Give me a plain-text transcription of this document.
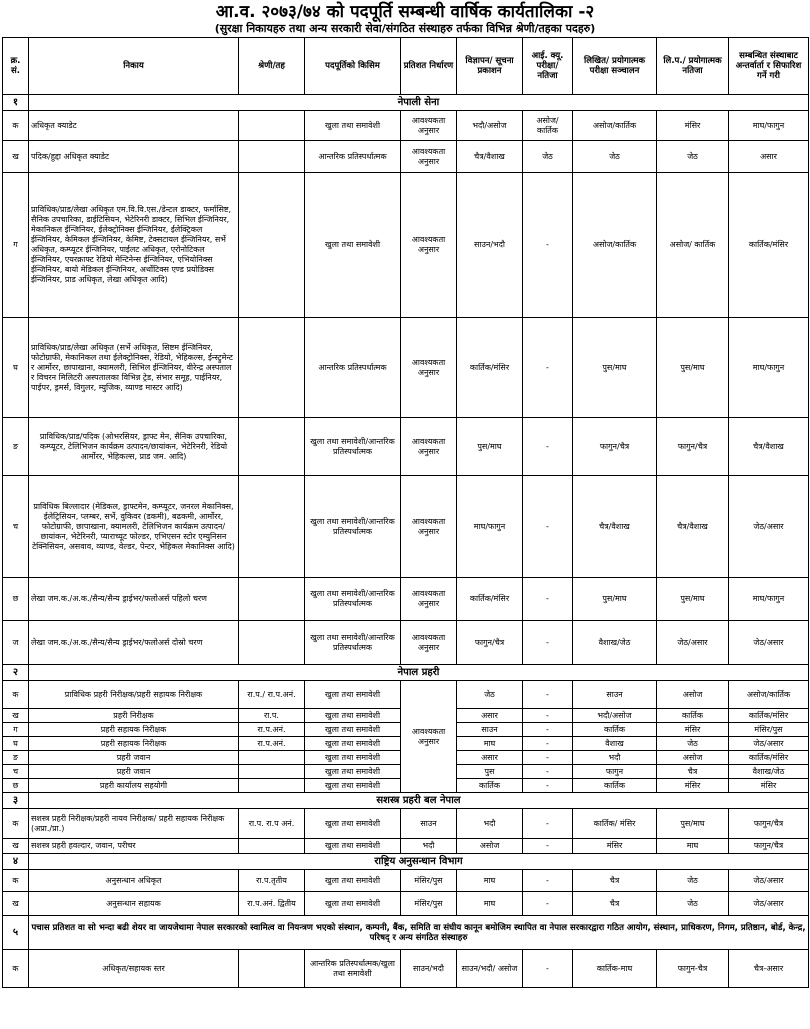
आ.व. २०७३/७४ को पदपूर्ति सम्बन्धी वार्षिक कार्यतालिका -२
(सुरक्षा निकायहरु तथा अन्य सरकारी सेवा/संगठित संस्थाहरु तर्फका विभिन्न श्रेणी/तहका पदहरु)
क्र. सं.	निकाय	श्रेणी/तह	पदपूर्तिको किसिम	प्रतिशत निर्धारण	विज्ञापन/ सूचना प्रकाशन	आई. क्यू. परीक्षा/ नतिजा	लिखित/ प्रयोगात्मक परीक्षा सञ्चालन	लि.प./ प्रयोगात्मक नतिजा	सम्बन्धित संस्थाबाट अन्तर्वार्ता र सिफारिश गर्ने गरी
१	नेपाली सेना								
क	अधिकृत क्याडेट		खुला तथा समावेशी	आवश्यकता अनुसार	भदौ/असोज	असोज/ कार्तिक	असोज/कार्तिक	मंसिर	माघ/फागुन
ख	पदिक/हुद्दा अधिकृत क्याडेट		आन्तरिक प्रतिस्पर्धात्मक	आवश्यकता अनुसार	चैत्र/वैशाख	जेठ	जेठ	जेठ	असार
ग	प्राविधिक/प्राड/लेखा अधिकृत एम.वि.वि.एस./डेन्टल डाक्टर, फर्मासिष्ट, सैनिक उपचारिका, डाईटिसियन, भेटेरिनरी डाक्टर, सिभिल ईन्जिनियर, मेकानिकल ईन्जिनियर, ईलेक्ट्रोनिक्स ईन्जिनियर, ईलेक्ट्रिकल ईन्जिनियर, केमिकल ईन्जिनियर, केमिष्ट, टेक्सटायल ईन्जिनियर, सर्भे अधिकृत, कम्प्यूटर ईन्जिनियर, पाईलट अधिकृत, एरोनोटिकल ईन्जिनियर, एयरक्राफ्ट रेडियो मेन्टिनेन्स ईन्जिनियर, एभियोनिक्स ईन्जिनियर, बायो मेडिकल ईन्जिनियर, अर्थोटिक्स एण्ड प्रयोडिक्स ईन्जिनियर, प्राड अधिकृत, लेखा अधिकृत आदि)		खुला तथा समावेशी	आवश्यकता अनुसार	साउन/भदौ	-	असोज/कार्तिक	असोज/ कार्तिक	कार्तिक/मंसिर
घ	प्राविधिक/प्राड/लेखा अधिकृत (सर्भे अधिकृत, सिष्टम ईन्जिनियर, फोटोग्राफी, मेकानिकल तथा ईलेक्ट्रोनिक्स, रेडियो, भेहिकल्स, ईन्स्ट्रुमेन्ट र आर्मोरर, छापाखाना, क्यामलरी, सिभिल ईन्जिनियर, वीरेन्द्र अस्पताल र विचरन मिलिटरी अस्पतालका विभिन्न ट्रेड, संभार समूह, पाईनियर, पाईपर, ड्रमर्स, विगुलर, म्युजिक, व्याण्ड मास्टर आदि)		आन्तरिक प्रतिस्पर्धात्मक	आवश्यकता अनुसार	कार्तिक/मंसिर	-	पुस/माघ	पुस/माघ	माघ/फागुन
ङ	प्राविधिक/प्राड/पदिक (ओभरसियर, ड्राफ्ट मेन, सैनिक उपचारिका, कम्प्यूटर, टेलिभिजन कार्यक्रम उत्पादन/छायांकन, भेटेरिनरी, रेडियो आर्मोरर, भेहिकल्स, प्राड जम. आदि)		खुला तथा समावेशी/आन्तरिक प्रतिस्पर्धात्मक	आवश्यकता अनुसार	पुस/माघ	-	फागुन/चैत्र	फागुन/चैत्र	चैत्र/वैशाख
च	प्राविधिक बिल्लादार (मेडिकल, ड्राफ्टमेन, कम्प्यूटर, जनरल मेकानिक्स, ईलेट्रिसियन, प्लम्बर, सर्भे, वुकिवर (डकमी), बढकमी, आर्मोरर, फोटोग्राफी, छापाखाना, क्यामलरी, टेलिभिजन कार्यक्रम उत्पादन/छायांकन, भेटेरिनरी, प्याराच्यूट फोल्डर, एभिएसन स्टोर एम्युनिसन टेक्निसियन, असवाव, व्याण्ड, वेल्डर, पेन्टर, भेहिकल मेकानिक्स आदि)		खुला तथा समावेशी/आन्तरिक प्रतिस्पर्धात्मक	आवश्यकता अनुसार	माघ/फागुन	-	चैत्र/वैशाख	चैत्र/वैशाख	जेठ/असार
छ	लेखा जम.क./अ.क./सैन्य/सैन्य ड्राईभर/फलोअर्स पहिलो चरण		खुला तथा समावेशी/आन्तरिक प्रतिस्पर्धात्मक	आवश्यकता अनुसार	कार्तिक/मंसिर	-	पुस/माघ	पुस/माघ	माघ/फागुन
ज	लेखा जम.क./अ.क./सैन्य/सैन्य ड्राईभर/फलोअर्स दोस्रो चरण		खुला तथा समावेशी/आन्तरिक प्रतिस्पर्धात्मक	आवश्यकता अनुसार	फागुन/चैत्र	-	वैशाख/जेठ	जेठ/असार	जेठ/असार
२	नेपाल प्रहरी								
क	प्राविधिक प्रहरी निरीक्षक/प्रहरी सहायक निरीक्षक	रा.प./ रा.प.अनं.	खुला तथा समावेशी	आवश्यकता अनुसार	जेठ	-	साउन	असोज	असोज/कार्तिक
ख	प्रहरी निरीक्षक	रा.प.	खुला तथा समावेशी		असार	-	भदौ/असोज	कार्तिक	कार्तिक/मंसिर
ग	प्रहरी सहायक निरीक्षक	रा.प.अनं.	खुला तथा समावेशी		साउन	-	कार्तिक	मंसिर	मंसिर/पुस
घ	प्रहरी सहायक निरीक्षक	रा.प.अनं.	खुला तथा समावेशी		माघ	-	वैशाख	जेठ	जेठ/असार
ङ	प्रहरी जवान		खुला तथा समावेशी		असार	-	भदौ	असोज	कार्तिक/मंसिर
च	प्रहरी जवान		खुला तथा समावेशी		पुस	-	फागुन	चैत्र	वैशाख/जेठ
छ	प्रहरी कार्यालय सहयोगी		खुला तथा समावेशी		कार्तिक	-	कार्तिक	मंसिर	मंसिर
३	सशस्त्र प्रहरी बल नेपाल								
क	सशस्त्र प्रहरी निरीक्षक/प्रहरी नायव निरीक्षक/ प्रहरी सहायक निरीक्षक (अप्रा./प्रा.)	रा.प. रा.प अनं.	खुला तथा समावेशी	साउन	भदौ	-	कार्तिक/ मंसिर	पुस/माघ	फागुन/चैत्र
ख	सशस्त्र प्रहरी हवल्दार, जवान, परीचर		खुला तथा समावेशी	भदौ	असोज	-	मंसिर	माघ	फागुन/चैत्र
४	राष्ट्रिय अनुसन्धान विभाग								
क	अनुसन्धान अधिकृत	रा.प.तृतीय	खुला तथा समावेशी	मंसिर/पुस	माघ	-	चैत्र	जेठ	जेठ/असार
ख	अनुसन्धान सहायक	रा.प.अनं. द्वितीय	खुला तथा समावेशी	मंसिर/पुस	माघ	-	चैत्र	जेठ	जेठ/असार
५	पचास प्रतिशत वा सो भन्दा बढी शेयर वा जायजेथामा नेपाल सरकारको स्वामित्व वा नियन्त्रण भएको संस्थान, कम्पनी, बैंक, समिति वा संघीय कानून बमोजिम स्थापित वा नेपाल सरकारद्वारा गठित आयोग, संस्थान, प्राधिकरण, निगम, प्रतिष्ठान, बोर्ड, केन्द्र, परिषद् र अन्य संगठित संस्थाहरु								
क	अधिकृत/सहायक स्तर		आन्तरिक प्रतिस्पर्धात्मक/खुला तथा समावेशी	साउन/भदौ	साउन/भदौ/ असोज	-	कार्तिक-माघ	फागुन-चैत्र	चैत्र-असार
